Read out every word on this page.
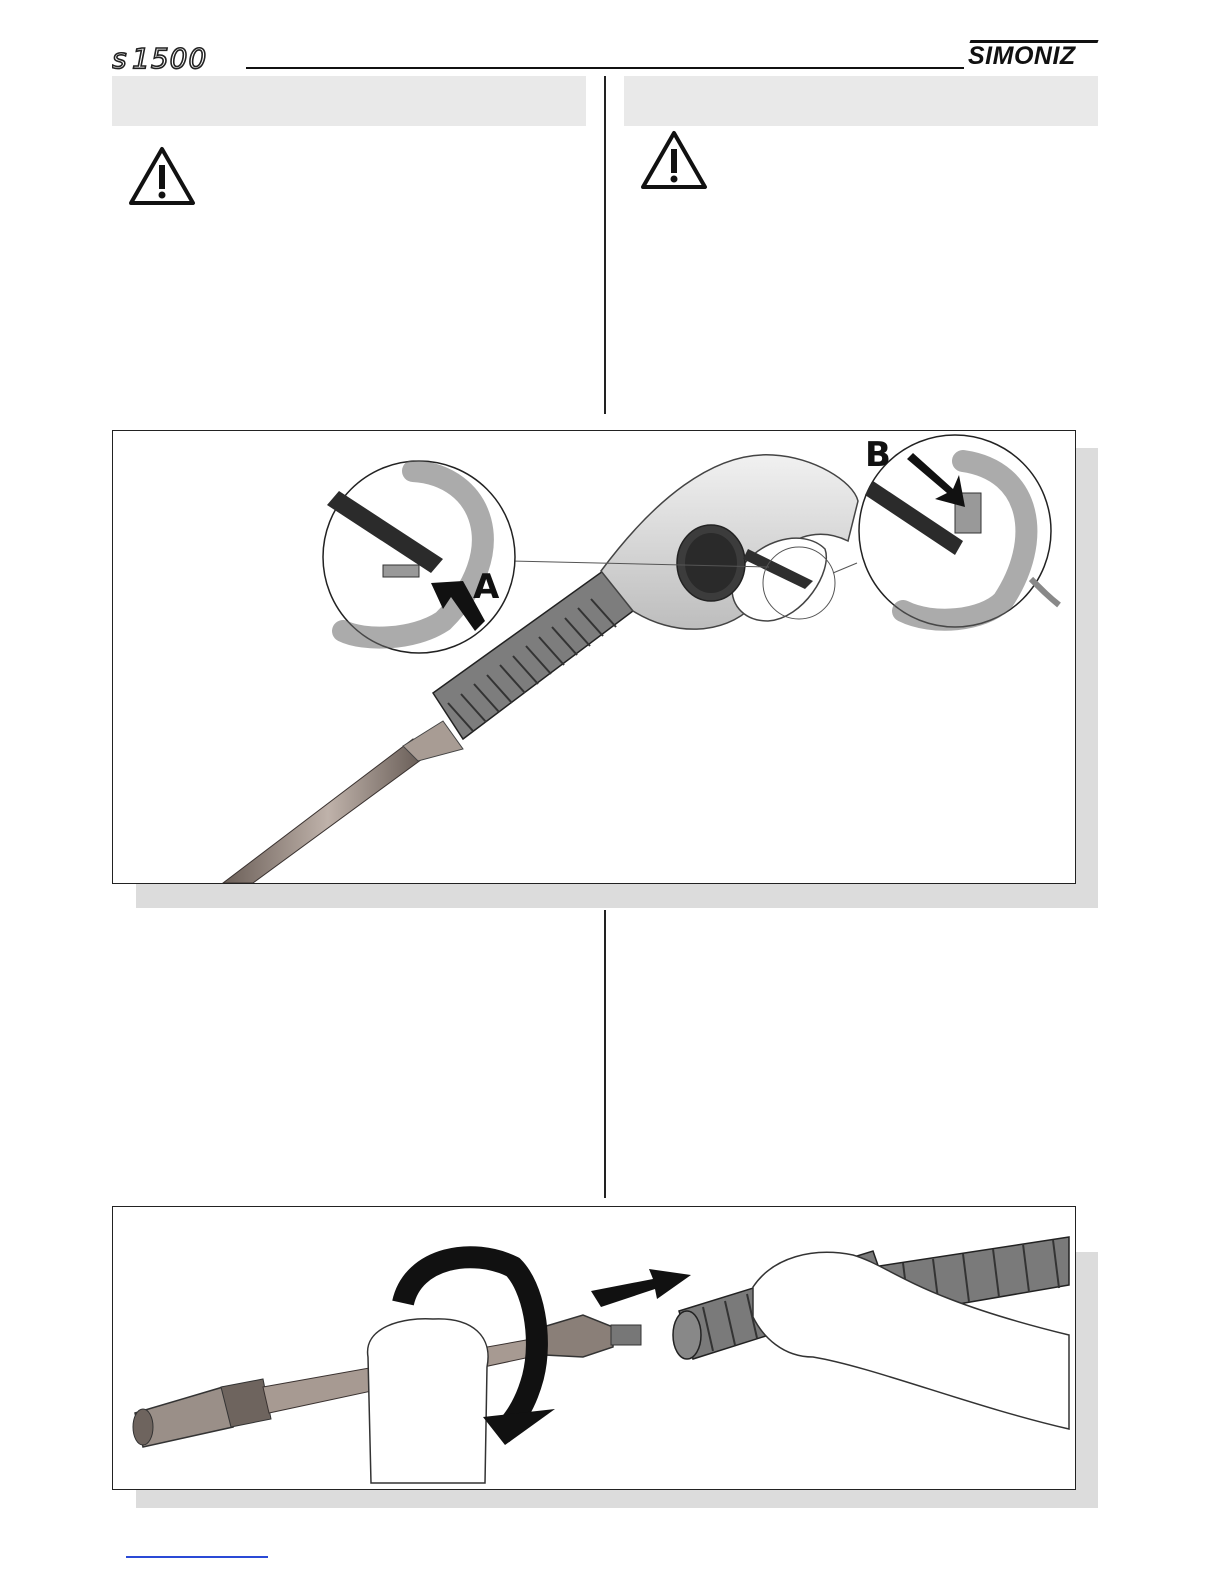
s 1500	SIMONIZ
A
B
